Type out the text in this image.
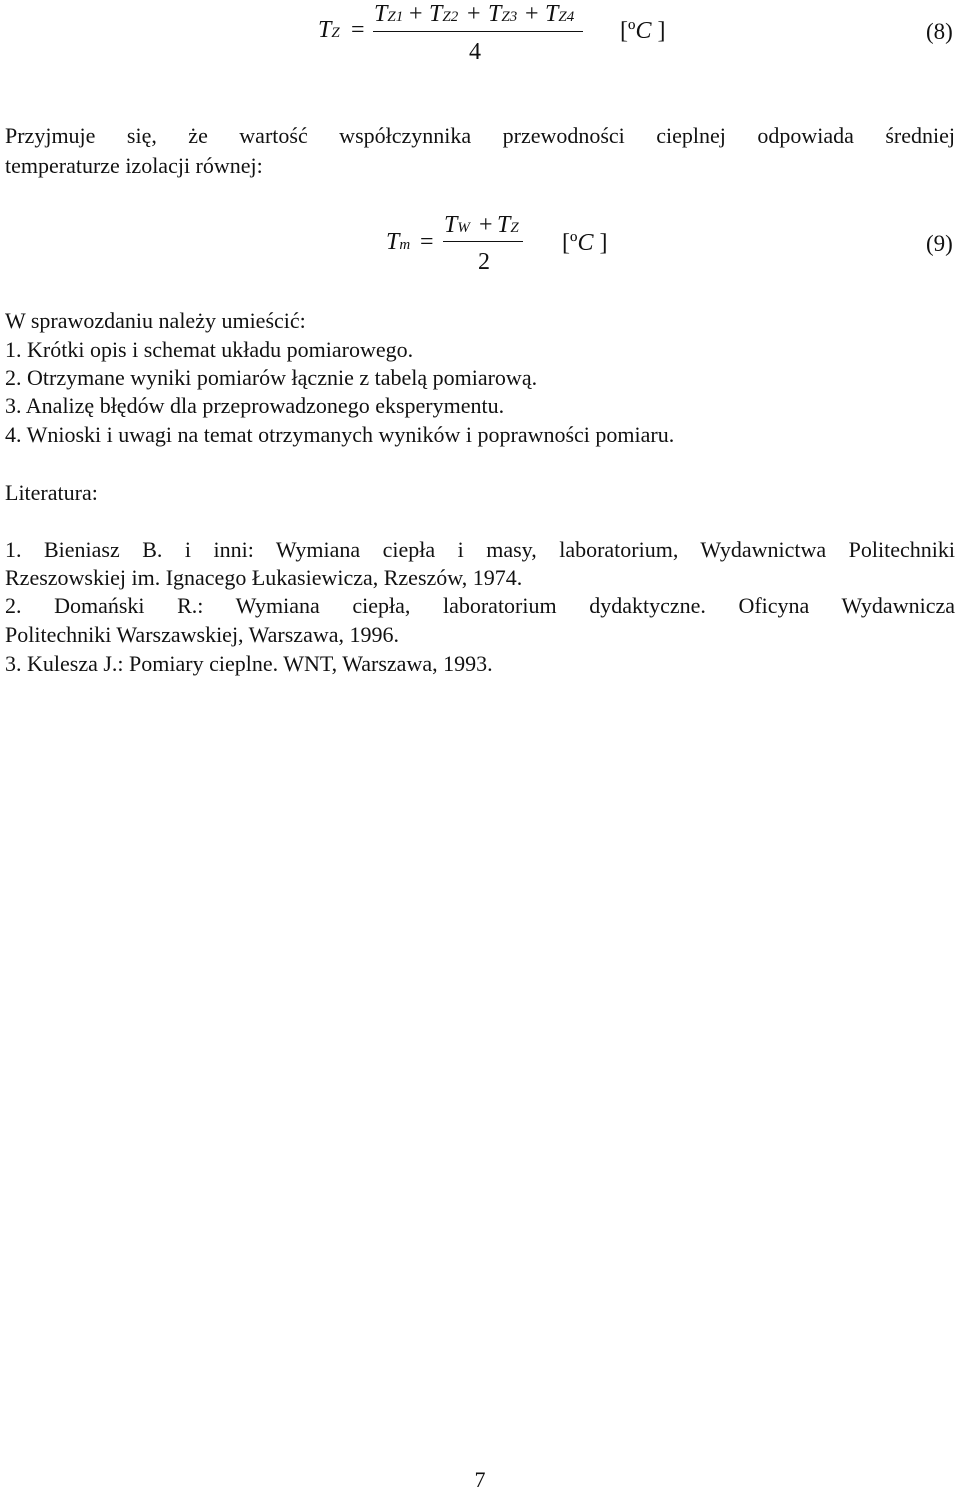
TZ =
TZ1 + TZ2 + TZ3 + TZ4
4
[ºC ]	(8)
Przyjmuje się, że wartość współczynnika przewodności cieplnej odpowiada średniej
temperaturze izolacji równej:
Tm =
TW + TZ
2
[ºC ]	(9)
W sprawozdaniu należy umieścić:
1. Krótki opis i schemat układu pomiarowego.
2. Otrzymane wyniki pomiarów łącznie z tabelą pomiarową.
3. Analizę błędów dla przeprowadzonego eksperymentu.
4. Wnioski i uwagi na temat otrzymanych wyników i poprawności pomiaru.
Literatura:
1. Bieniasz B. i inni: Wymiana ciepła i masy, laboratorium, Wydawnictwa Politechniki
Rzeszowskiej im. Ignacego Łukasiewicza, Rzeszów, 1974.
2. Domański R.: Wymiana ciepła, laboratorium dydaktyczne. Oficyna Wydawnicza
Politechniki Warszawskiej, Warszawa, 1996.
3. Kulesza J.: Pomiary cieplne. WNT, Warszawa, 1993.
7
